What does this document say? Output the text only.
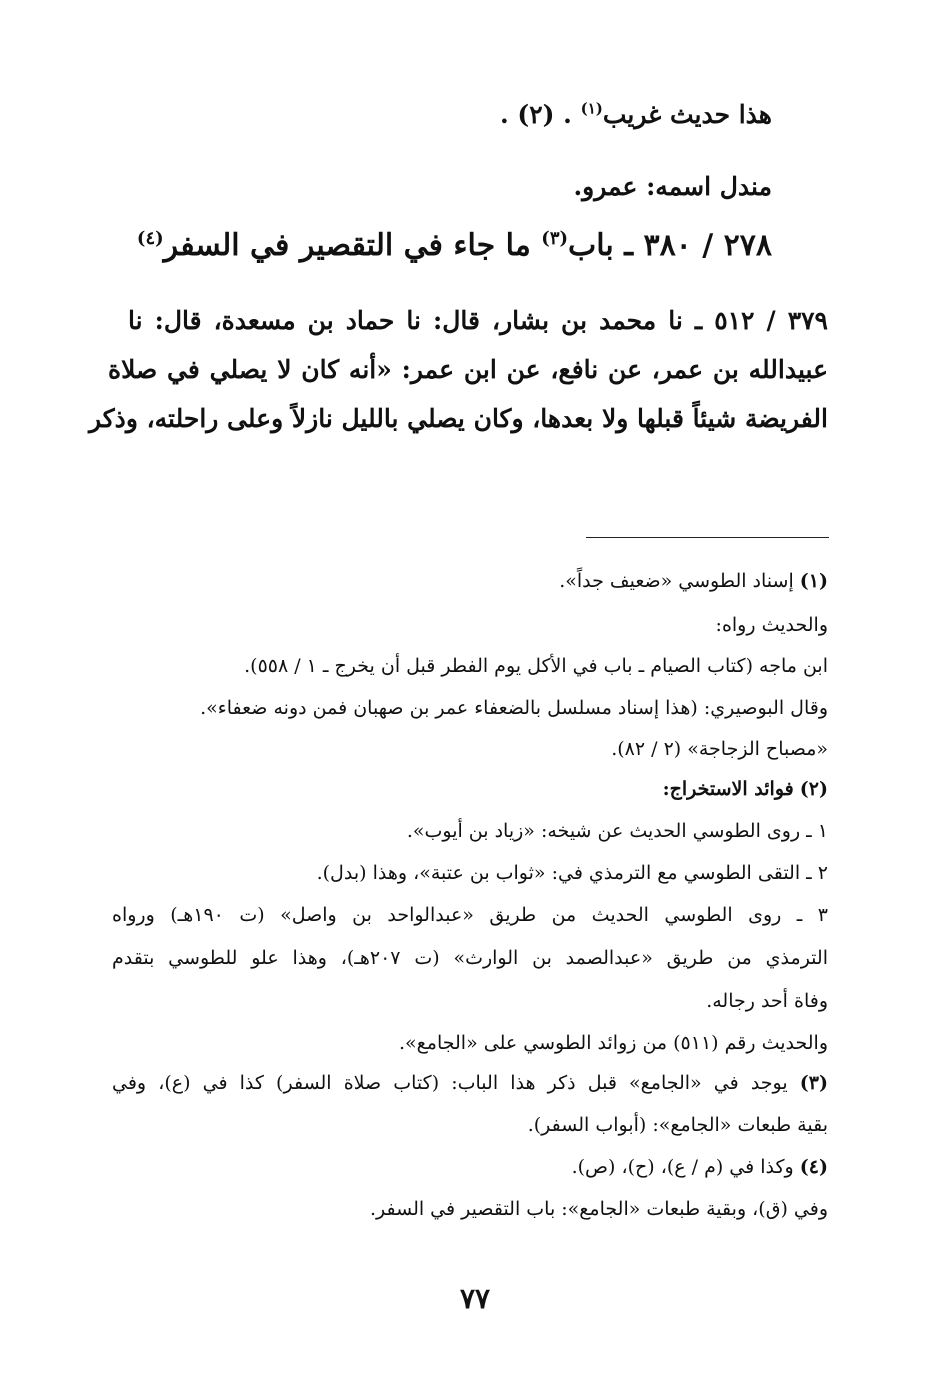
هذا حديث غريب$^{(١)}$ . (٢) .
مندل اسمه: عمرو.
٢٧٨ / ٣٨٠ ـ باب$^{(٣)}$ ما جاء في التقصير في السفر$^{(٤)}$
٣٧٩ / ٥١٢ ـ نا محمد بن بشار، قال: نا حماد بن مسعدة، قال: نا
عبيدالله بن عمر، عن نافع، عن ابن عمر: «أنه كان لا يصلي في صلاة
الفريضة شيئاً قبلها ولا بعدها، وكان يصلي بالليل نازلاً وعلى راحلته، وذكر
(١) إسناد الطوسي «ضعيف جداً».
والحديث رواه:
ابن ماجه (كتاب الصيام ـ باب في الأكل يوم الفطر قبل أن يخرج ـ ١ / ٥٥٨).
وقال البوصيري: (هذا إسناد مسلسل بالضعفاء عمر بن صهبان فمن دونه ضعفاء».
«مصباح الزجاجة» (٢ / ٨٢).
(٢) فوائد الاستخراج:
١ ـ روى الطوسي الحديث عن شيخه: «زياد بن أيوب».
٢ ـ التقى الطوسي مع الترمذي في: «ثواب بن عتبة»، وهذا (بدل).
٣ ـ روى الطوسي الحديث من طريق «عبدالواحد بن واصل» (ت ١٩٠هـ) ورواه
الترمذي من طريق «عبدالصمد بن الوارث» (ت ٢٠٧هـ)، وهذا علو للطوسي بتقدم
وفاة أحد رجاله.
والحديث رقم (٥١١) من زوائد الطوسي على «الجامع».
(٣) يوجد في «الجامع» قبل ذكر هذا الباب: (كتاب صلاة السفر) كذا في (ع)، وفي
بقية طبعات «الجامع»: (أبواب السفر).
(٤) وكذا في (م / ع)، (ح)، (ص).
وفي (ق)، وبقية طبعات «الجامع»: باب التقصير في السفر.
٧٧
